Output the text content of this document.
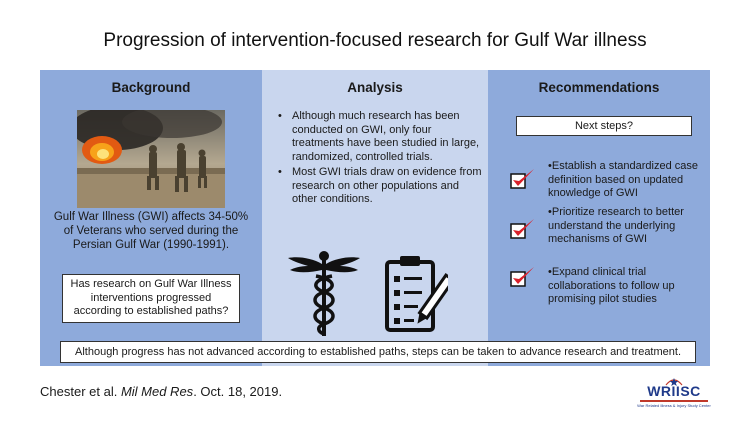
Progression of intervention-focused research for Gulf War illness
Background
Gulf War Illness (GWI) affects 34-50% of Veterans who served during the Persian Gulf War (1990-1991).
Has research on Gulf War Illness interventions progressed according to established paths?
Analysis
• Although much research has been conducted on GWI, only four treatments have been studied in large, randomized, controlled trials.
• Most GWI trials draw on evidence from research on other populations and other conditions.
Recommendations
Next steps?
•Establish a standardized case definition based on updated knowledge of GWI
•Prioritize research to better understand the underlying mechanisms of GWI
•Expand clinical trial collaborations to follow up promising pilot studies
Although progress has not advanced according to established paths, steps can be taken to advance research and treatment.
Chester et al. Mil Med Res. Oct. 18, 2019.	WRIISC
War Related Illness & Injury Study Center
